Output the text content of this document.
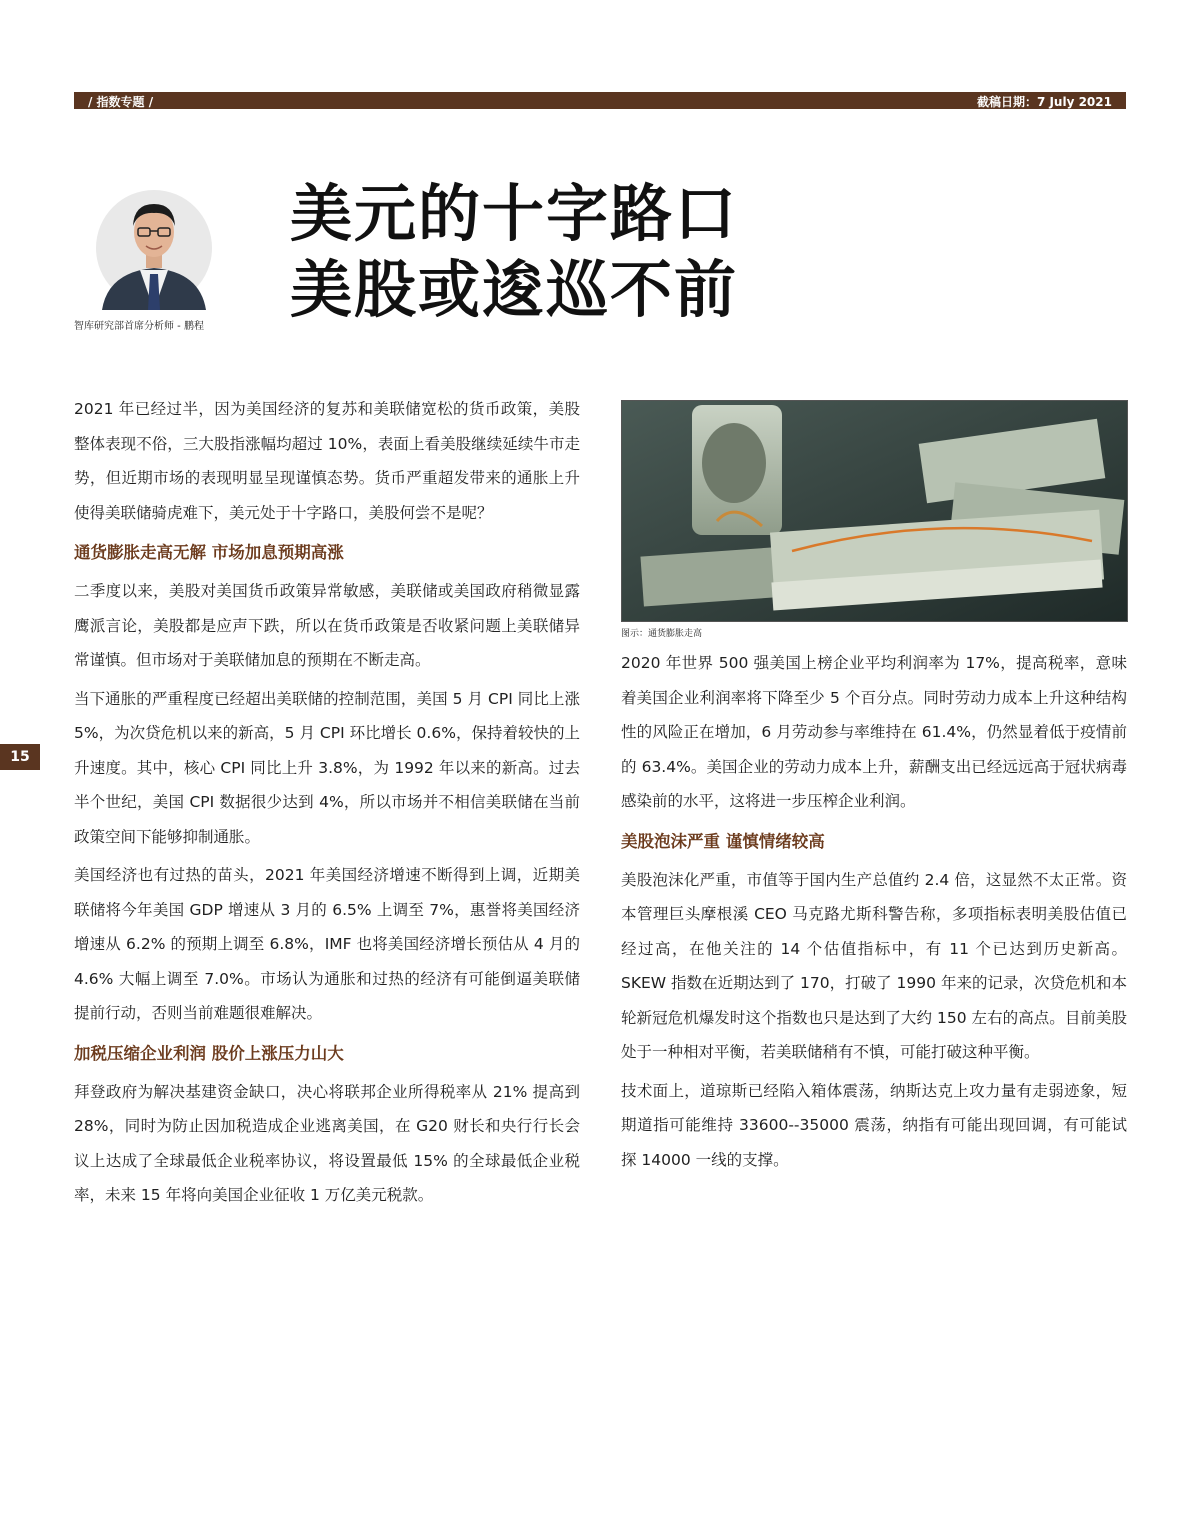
/ 指数专题 /	截稿日期：7 July 2021
智库研究部首席分析师 - 鹏程
美元的十字路口
美股或逡巡不前
15

2021 年已经过半，因为美国经济的复苏和美联储宽松的货币政策，美股整体表现不俗，三大股指涨幅均超过 10%，表面上看美股继续延续牛市走势，但近期市场的表现明显呈现谨慎态势。货币严重超发带来的通胀上升使得美联储骑虎难下，美元处于十字路口，美股何尝不是呢？

通货膨胀走高无解 市场加息预期高涨

二季度以来，美股对美国货币政策异常敏感，美联储或美国政府稍微显露鹰派言论，美股都是应声下跌，所以在货币政策是否收紧问题上美联储异常谨慎。但市场对于美联储加息的预期在不断走高。

当下通胀的严重程度已经超出美联储的控制范围，美国 5 月 CPI 同比上涨 5%，为次贷危机以来的新高，5 月 CPI 环比增长 0.6%，保持着较快的上升速度。其中，核心 CPI 同比上升 3.8%，为 1992 年以来的新高。过去半个世纪，美国 CPI 数据很少达到 4%，所以市场并不相信美联储在当前政策空间下能够抑制通胀。

美国经济也有过热的苗头，2021 年美国经济增速不断得到上调，近期美联储将今年美国 GDP 增速从 3 月的 6.5% 上调至 7%，惠誉将美国经济增速从 6.2% 的预期上调至 6.8%，IMF 也将美国经济增长预估从 4 月的 4.6% 大幅上调至 7.0%。市场认为通胀和过热的经济有可能倒逼美联储提前行动，否则当前难题很难解决。

加税压缩企业利润 股价上涨压力山大

拜登政府为解决基建资金缺口，决心将联邦企业所得税率从 21% 提高到 28%，同时为防止因加税造成企业逃离美国，在 G20 财长和央行行长会议上达成了全球最低企业税率协议，将设置最低 15% 的全球最低企业税率，未来 15 年将向美国企业征收 1 万亿美元税款。

图示：通货膨胀走高

2020 年世界 500 强美国上榜企业平均利润率为 17%，提高税率，意味着美国企业利润率将下降至少 5 个百分点。同时劳动力成本上升这种结构性的风险正在增加，6 月劳动参与率维持在 61.4%，仍然显着低于疫情前的 63.4%。美国企业的劳动力成本上升，薪酬支出已经远远高于冠状病毒感染前的水平，这将进一步压榨企业利润。

美股泡沫严重 谨慎情绪较高

美股泡沫化严重，市值等于国内生产总值约 2.4 倍，这显然不太正常。资本管理巨头摩根溪 CEO 马克路尤斯科警告称，多项指标表明美股估值已经过高，在他关注的 14 个估值指标中，有 11 个已达到历史新高。SKEW 指数在近期达到了 170，打破了 1990 年来的记录，次贷危机和本轮新冠危机爆发时这个指数也只是达到了大约 150 左右的高点。目前美股处于一种相对平衡，若美联储稍有不慎，可能打破这种平衡。

技术面上，道琼斯已经陷入箱体震荡，纳斯达克上攻力量有走弱迹象，短期道指可能维持 33600--35000 震荡，纳指有可能出现回调，有可能试探 14000 一线的支撑。
